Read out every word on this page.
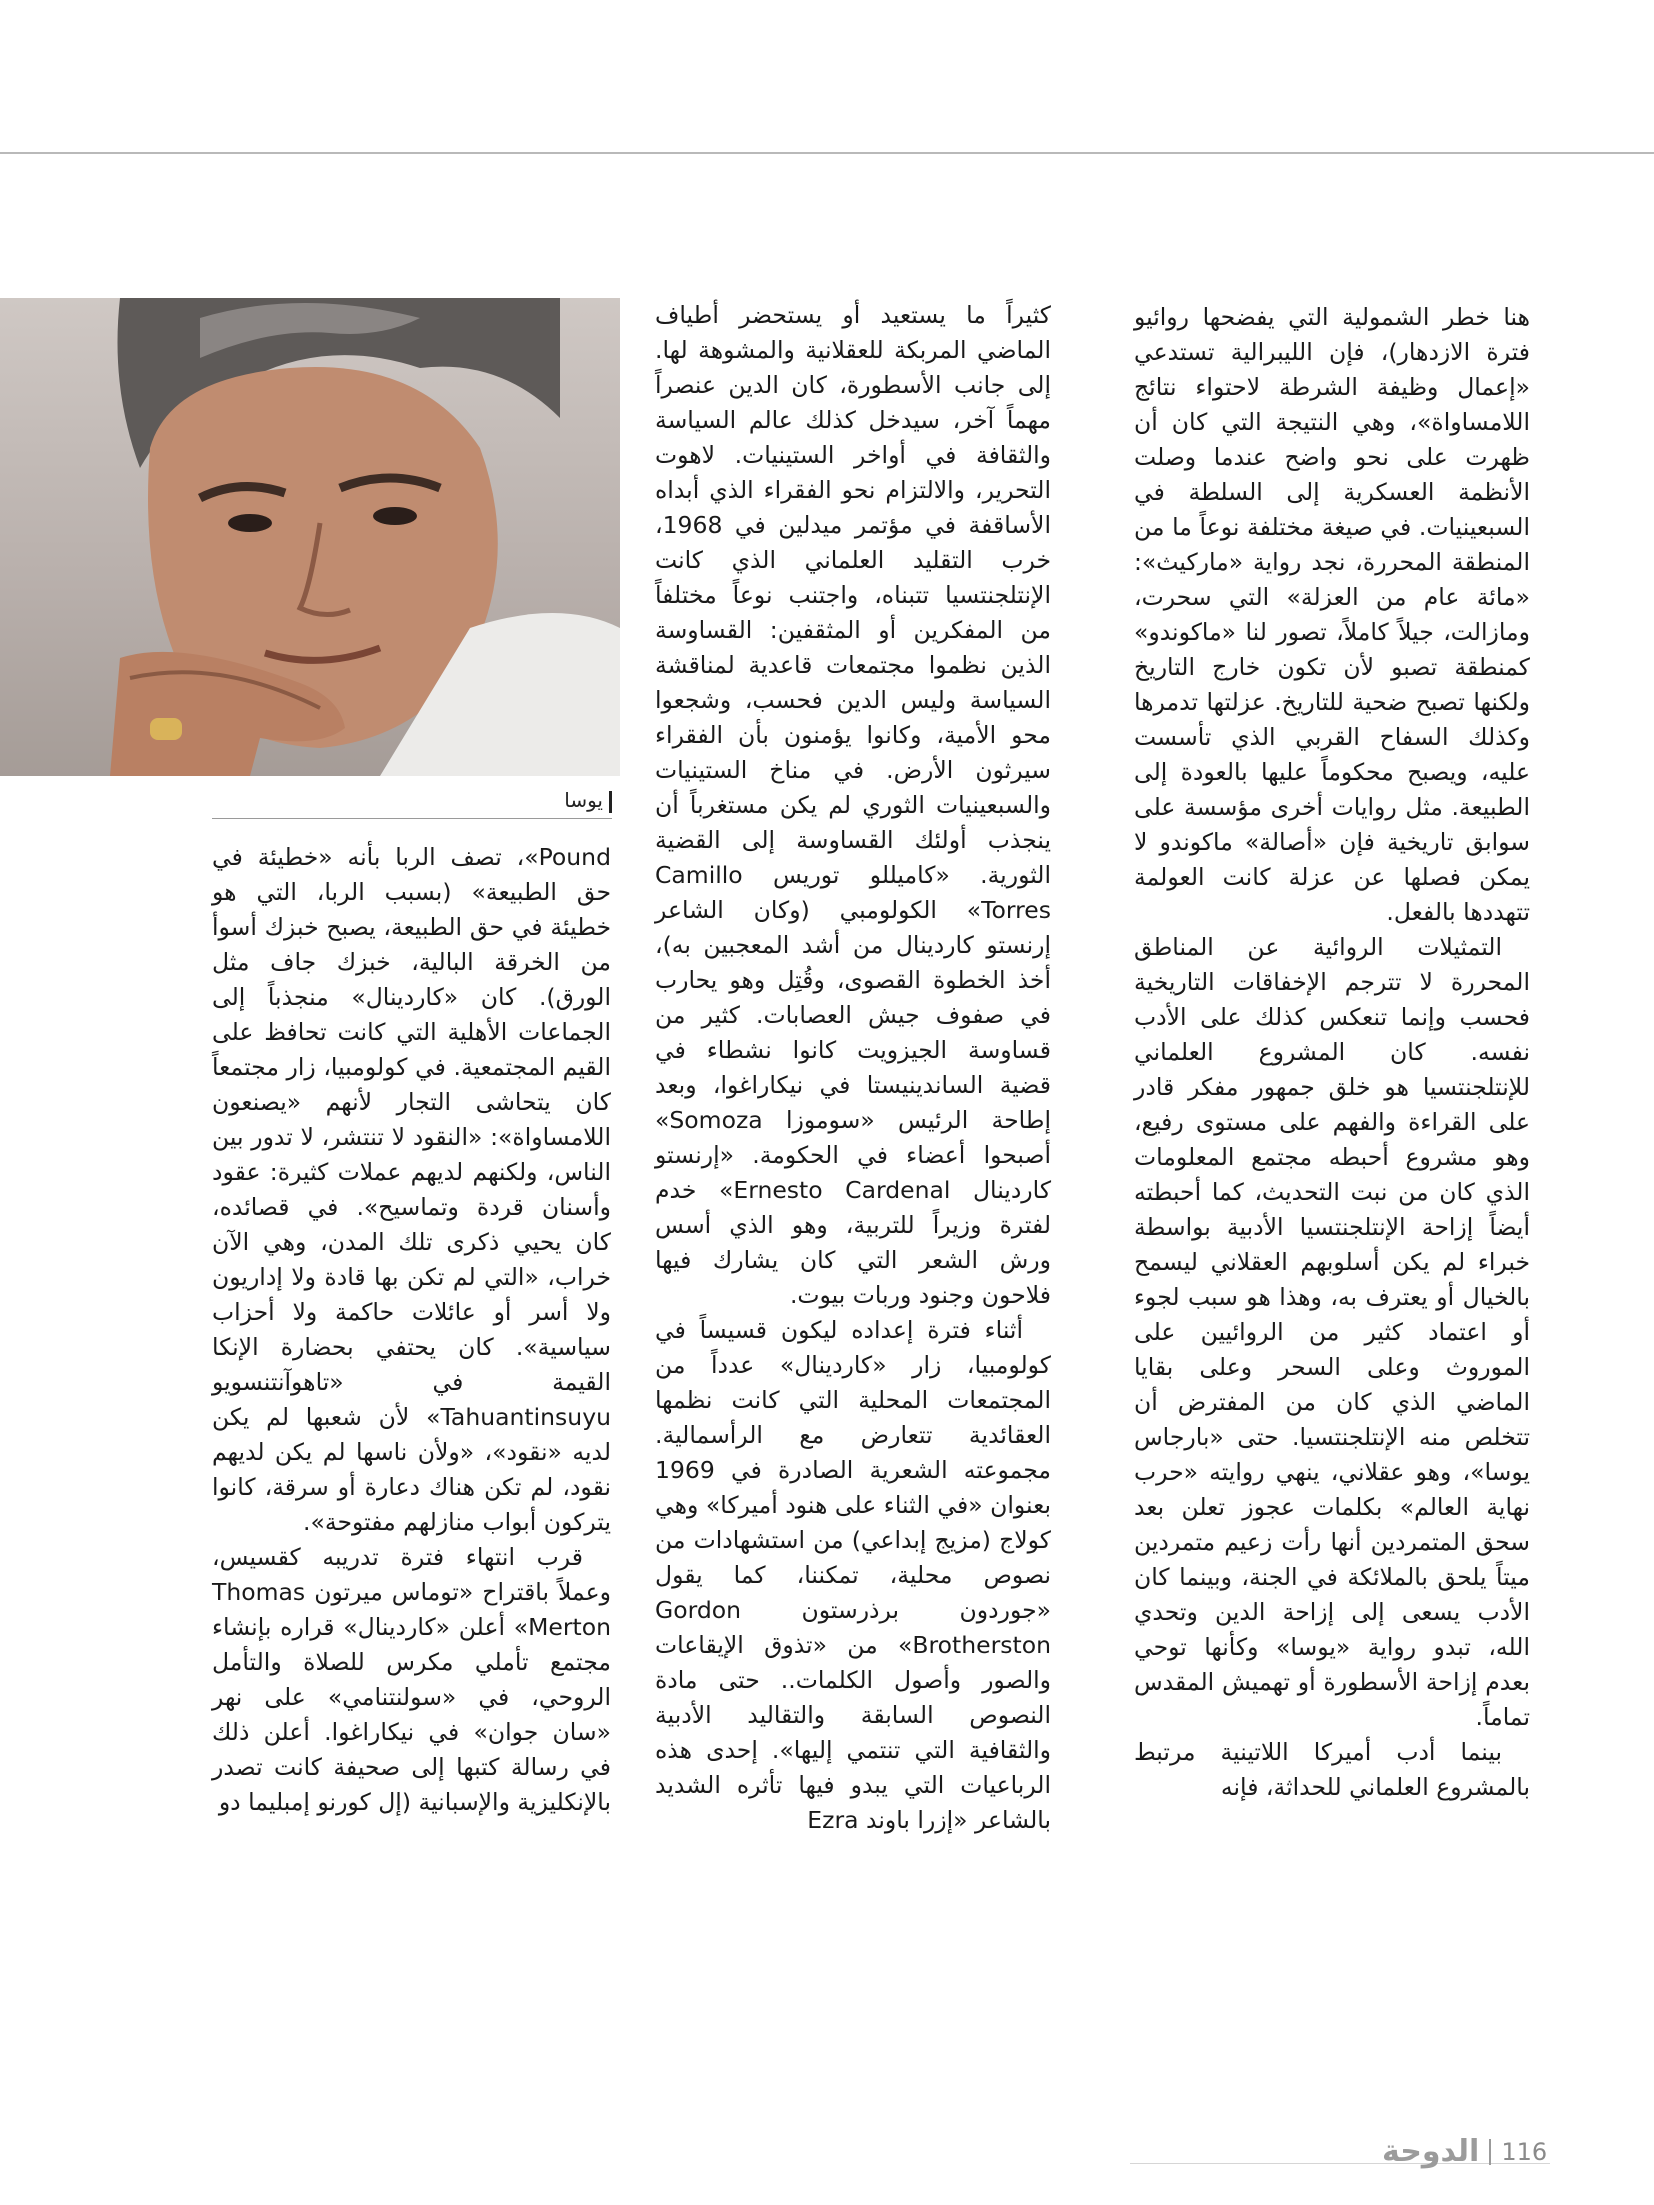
هنا خطر الشمولية التي يفضحها روائيو فترة الازدهار)، فإن الليبرالية تستدعي «إعمال وظيفة الشرطة لاحتواء نتائج اللامساواة»، وهي النتيجة التي كان أن ظهرت على نحو واضح عندما وصلت الأنظمة العسكرية إلى السلطة في السبعينيات. في صيغة مختلفة نوعاً ما من المنطقة المحررة، نجد رواية «ماركيث»: «مائة عام من العزلة» التي سحرت، ومازالت، جيلاً كاملاً، تصور لنا «ماكوندو» كمنطقة تصبو لأن تكون خارج التاريخ ولكنها تصبح ضحية للتاريخ. عزلتها تدمرها وكذلك السفاح القربي الذي تأسست عليه، ويصبح محكوماً عليها بالعودة إلى الطبيعة. مثل روايات أخرى مؤسسة على سوابق تاريخية فإن «أصالة» ماكوندو لا يمكن فصلها عن عزلة كانت العولمة تتهددها بالفعل.

التمثيلات الروائية عن المناطق المحررة لا تترجم الإخفاقات التاريخية فحسب وإنما تنعكس كذلك على الأدب نفسه. كان المشروع العلماني للإنتلجنتسيا هو خلق جمهور مفكر قادر على القراءة والفهم على مستوى رفيع، وهو مشروع أحبطه مجتمع المعلومات الذي كان من نبت التحديث، كما أحبطته أيضاً إزاحة الإنتلجنتسيا الأدبية بواسطة خبراء لم يكن أسلوبهم العقلاني ليسمح بالخيال أو يعترف به، وهذا هو سبب لجوء أو اعتماد كثير من الروائيين على الموروث وعلى السحر وعلى بقايا الماضي الذي كان من المفترض أن تتخلص منه الإنتلجنتسيا. حتى «بارجاس يوسا»، وهو عقلاني، ينهي روايته «حرب نهاية العالم» بكلمات عجوز تعلن بعد سحق المتمردين أنها رأت زعيم متمردين ميتاً يلحق بالملائكة في الجنة، وبينما كان الأدب يسعى إلى إزاحة الدين وتحدي الله، تبدو رواية «يوسا» وكأنها توحي بعدم إزاحة الأسطورة أو تهميش المقدس تماماً.

بينما أدب أميركا اللاتينية مرتبط بالمشروع العلماني للحداثة، فإنه

كثيراً ما يستعيد أو يستحضر أطياف الماضي المربكة للعقلانية والمشوهة لها. إلى جانب الأسطورة، كان الدين عنصراً مهماً آخر، سيدخل كذلك عالم السياسة والثقافة في أواخر الستينيات. لاهوت التحرير، والالتزام نحو الفقراء الذي أبداه الأساقفة في مؤتمر ميدلين في 1968، خرب التقليد العلماني الذي كانت الإنتلجنتسيا تتبناه، واجتنب نوعاً مختلفاً من المفكرين أو المثقفين: القساوسة الذين نظموا مجتمعات قاعدية لمناقشة السياسة وليس الدين فحسب، وشجعوا محو الأمية، وكانوا يؤمنون بأن الفقراء سيرثون الأرض. في مناخ الستينيات والسبعينيات الثوري لم يكن مستغرباً أن ينجذب أولئك القساوسة إلى القضية الثورية. «كاميللو توريس Camillo Torres» الكولومبي (وكان الشاعر إرنستو كاردينال من أشد المعجبين به)، أخذ الخطوة القصوى، وقُتِل وهو يحارب في صفوف جيش العصابات. كثير من قساوسة الجيزويت كانوا نشطاء في قضية الساندينيستا في نيكاراغوا، وبعد إطاحة الرئيس «سوموزا Somoza» أصبحوا أعضاء في الحكومة. «إرنستو كاردينال Ernesto Cardenal» خدم لفترة وزيراً للتربية، وهو الذي أسس ورش الشعر التي كان يشارك فيها فلاحون وجنود وربات بيوت.

أثناء فترة إعداده ليكون قسيساً في كولومبيا، زار «كاردينال» عدداً من المجتمعات المحلية التي كانت نظمها العقائدية تتعارض مع الرأسمالية. مجموعته الشعرية الصادرة في 1969 بعنوان «في الثناء على هنود أميركا» وهي كولاج (مزيج إبداعي) من استشهادات من نصوص محلية، تمكننا، كما يقول «جوردون برذرستون Gordon Brotherston» من «تذوق الإيقاعات والصور وأصول الكلمات.. حتى مادة النصوص السابقة والتقاليد الأدبية والثقافية التي تنتمي إليها». إحدى هذه الرباعيات التي يبدو فيها تأثره الشديد بالشاعر «إزرا باوند Ezra

يوسا

Pound»، تصف الربا بأنه «خطيئة في حق الطبيعة» (بسبب الربا، التي هو خطيئة في حق الطبيعة، يصبح خبزك أسوأ من الخرقة البالية، خبزك جاف مثل الورق). كان «كاردينال» منجذباً إلى الجماعات الأهلية التي كانت تحافظ على القيم المجتمعية. في كولومبيا، زار مجتمعاً كان يتحاشى التجار لأنهم «يصنعون اللامساواة»: «النقود لا تنتشر، لا تدور بين الناس، ولكنهم لديهم عملات كثيرة: عقود وأسنان قردة وتماسيح». في قصائده، كان يحيي ذكرى تلك المدن، وهي الآن خراب، «التي لم تكن بها قادة ولا إداريون ولا أسر أو عائلات حاكمة ولا أحزاب سياسية». كان يحتفي بحضارة الإنكا القيمة في «تاهوآنتنسويو Tahuantinsuyu» لأن شعبها لم يكن لديه «نقود»، «ولأن ناسها لم يكن لديهم نقود، لم تكن هناك دعارة أو سرقة، كانوا يتركون أبواب منازلهم مفتوحة».

قرب انتهاء فترة تدريبه كقسيس، وعملاً باقتراح «توماس ميرتون Thomas Merton» أعلن «كاردينال» قراره بإنشاء مجتمع تأملي مكرس للصلاة والتأمل الروحي، في «سولنتنامي» على نهر «سان جوان» في نيكاراغوا. أعلن ذلك في رسالة كتبها إلى صحيفة كانت تصدر بالإنكليزية والإسبانية (إل كورنو إمبليما دو

الدوحة 116
